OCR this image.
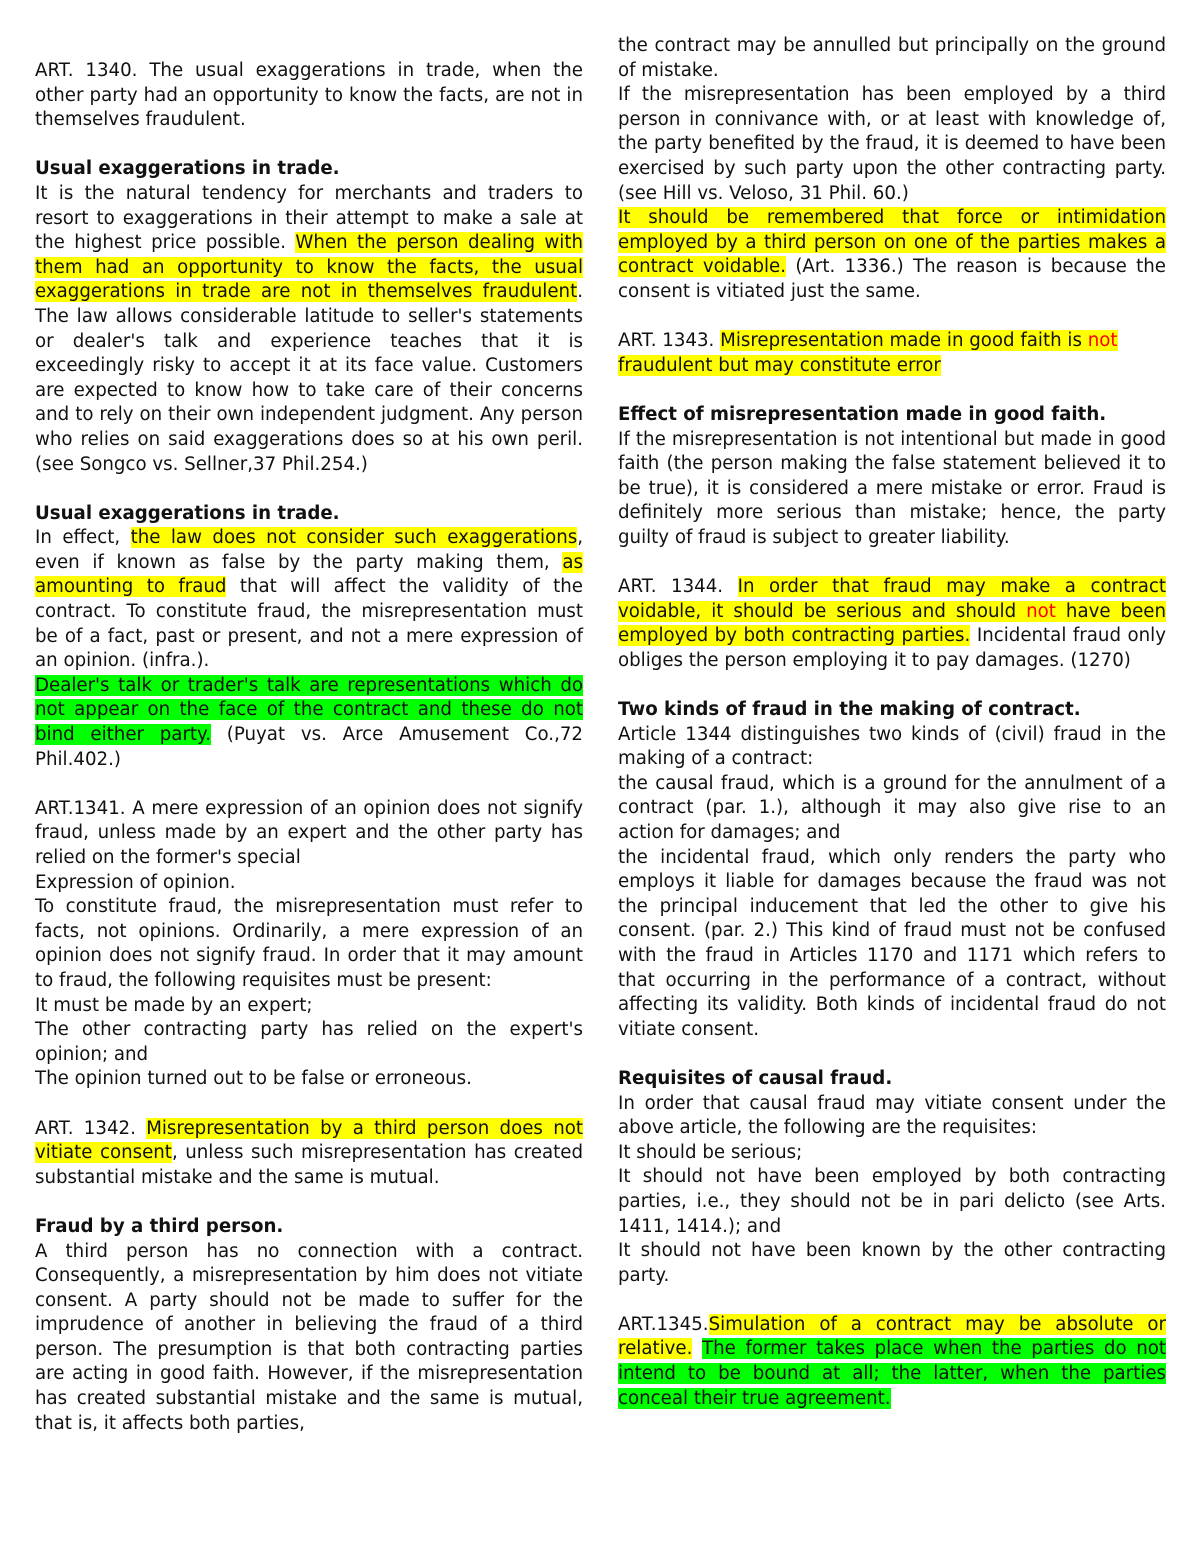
ART. 1340. The usual exaggerations in trade, when the other party had an opportunity to know the facts, are not in themselves fraudulent.

Usual exaggerations in trade.

It is the natural tendency for merchants and traders to resort to exaggerations in their attempt to make a sale at the highest price possible. When the person dealing with them had an opportunity to know the facts, the usual exaggerations in trade are not in themselves fraudulent. The law allows considerable latitude to seller's statements or dealer's talk and experience teaches that it is exceedingly risky to accept it at its face value. Customers are expected to know how to take care of their concerns and to rely on their own independent judgment. Any person who relies on said exaggerations does so at his own peril. (see Songco vs. Sellner,37 Phil.254.)

Usual exaggerations in trade.

In effect, the law does not consider such exaggerations, even if known as false by the party making them, as amounting to fraud that will affect the validity of the contract. To constitute fraud, the misrepresentation must be of a fact, past or present, and not a mere expression of an opinion. (infra.).

Dealer's talk or trader's talk are representations which do not appear on the face of the contract and these do not bind either party. (Puyat vs. Arce Amusement Co.,72 Phil.402.)

ART.1341. A mere expression of an opinion does not signify fraud, unless made by an expert and the other party has relied on the former's special

Expression of opinion.

To constitute fraud, the misrepresentation must refer to facts, not opinions. Ordinarily, a mere expression of an opinion does not signify fraud. In order that it may amount to fraud, the following requisites must be present:

It must be made by an expert;

The other contracting party has relied on the expert's opinion; and

The opinion turned out to be false or erroneous.

ART. 1342. Misrepresentation by a third person does not vitiate consent, unless such misrepresentation has created substantial mistake and the same is mutual.

Fraud by a third person.

A third person has no connection with a contract. Consequently, a misrepresentation by him does not vitiate consent. A party should not be made to suffer for the imprudence of another in believing the fraud of a third person. The presumption is that both contracting parties are acting in good faith. However, if the misrepresentation has created substantial mistake and the same is mutual, that is, it affects both parties,

the contract may be annulled but principally on the ground of mistake.

If the misrepresentation has been employed by a third person in connivance with, or at least with knowledge of, the party benefited by the fraud, it is deemed to have been exercised by such party upon the other contracting party. (see Hill vs. Veloso, 31 Phil. 60.)

It should be remembered that force or intimidation employed by a third person on one of the parties makes a contract voidable. (Art. 1336.) The reason is because the consent is vitiated just the same.

ART. 1343. Misrepresentation made in good faith is not
fraudulent but may constitute error

Effect of misrepresentation made in good faith.

If the misrepresentation is not intentional but made in good faith (the person making the false statement believed it to be true), it is considered a mere mistake or error. Fraud is definitely more serious than mistake; hence, the party guilty of fraud is subject to greater liability.

ART. 1344. In order that fraud may make a contract voidable, it should be serious and should not have been employed by both contracting parties. Incidental fraud only obliges the person employing it to pay damages. (1270)

Two kinds of fraud in the making of contract.

Article 1344 distinguishes two kinds of (civil) fraud in the making of a contract:

the causal fraud, which is a ground for the annulment of a contract (par. 1.), although it may also give rise to an action for damages; and

the incidental fraud, which only renders the party who employs it liable for damages because the fraud was not the principal inducement that led the other to give his consent. (par. 2.) This kind of fraud must not be confused with the fraud in Articles 1170 and 1171 which refers to that occurring in the performance of a contract, without affecting its validity. Both kinds of incidental fraud do not vitiate consent.

Requisites of causal fraud.

In order that causal fraud may vitiate consent under the above article, the following are the requisites:

It should be serious;

It should not have been employed by both contracting parties, i.e., they should not be in pari delicto (see Arts. 1411, 1414.); and

It should not have been known by the other contracting party.

ART.1345.Simulation of a contract may be absolute or relative. The former takes place when the parties do not intend to be bound at all; the latter, when the parties conceal their true agreement.
